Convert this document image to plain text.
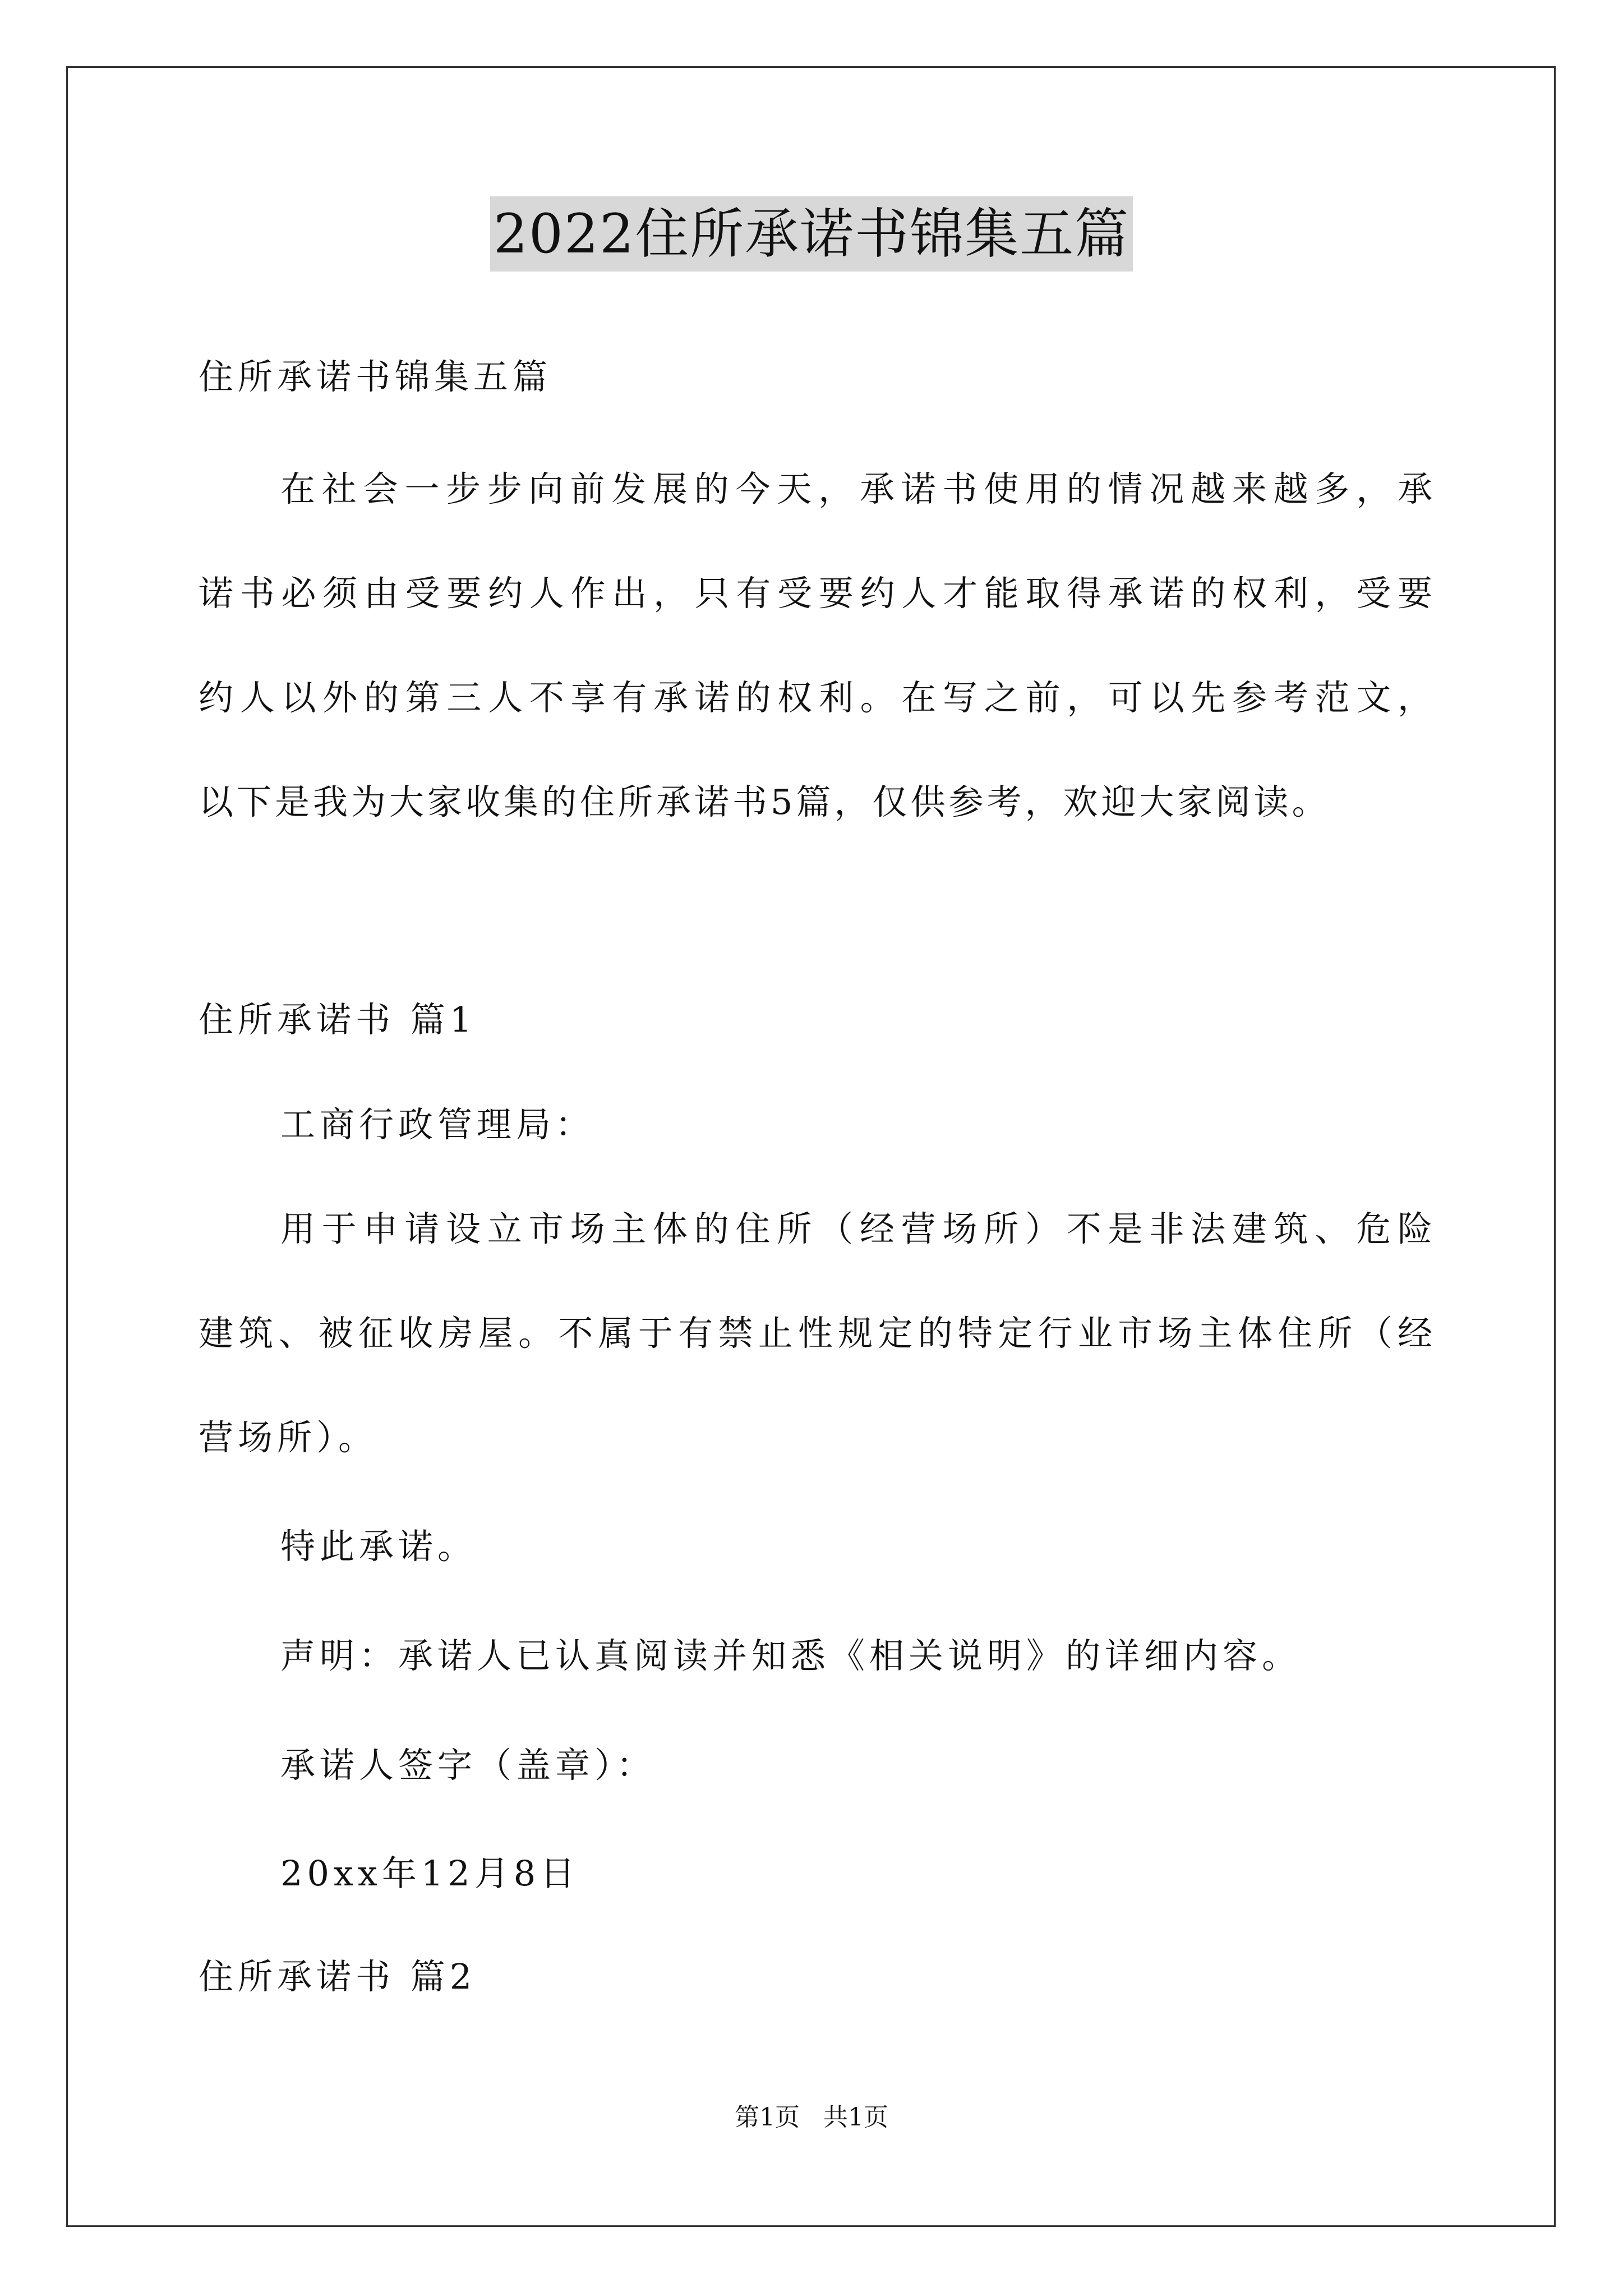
2022住所承诺书锦集五篇
住所承诺书锦集五篇
在社会一步步向前发展的今天，承诺书使用的情况越来越多，承
诺书必须由受要约人作出，只有受要约人才能取得承诺的权利，受要
约人以外的第三人不享有承诺的权利。在写之前，可以先参考范文，
以下是我为大家收集的住所承诺书5篇，仅供参考，欢迎大家阅读。
住所承诺书 篇1
工商行政管理局：
用于申请设立市场主体的住所（经营场所）不是非法建筑、危险
建筑、被征收房屋。不属于有禁止性规定的特定行业市场主体住所（经
营场所）。
特此承诺。
声明：承诺人已认真阅读并知悉《相关说明》的详细内容。
承诺人签字（盖章）：
20xx年12月8日
住所承诺书 篇2
第1页   共1页
